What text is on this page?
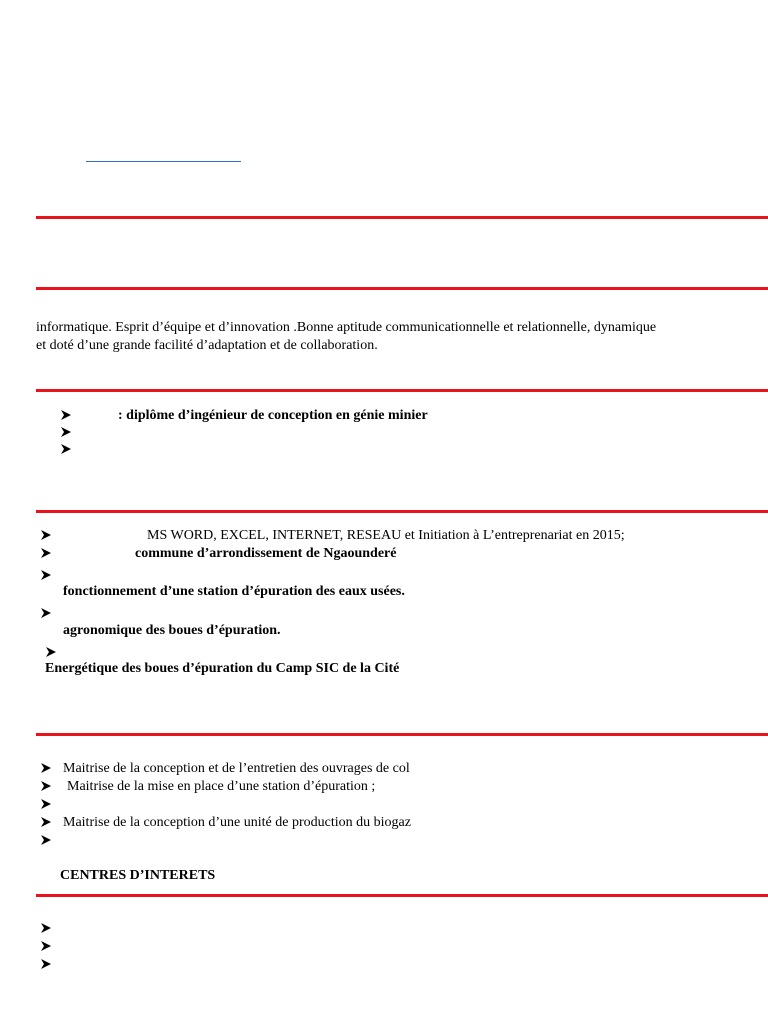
informatique. Esprit d’équipe et d’innovation .Bonne aptitude communicationnelle et relationnelle, dynamique
et doté d’une grande facilité d’adaptation et de collaboration.
: diplôme d’ingénieur de conception en génie minier
MS WORD, EXCEL, INTERNET, RESEAU et Initiation à L’entreprenariat en 2015;
commune d’arrondissement de Ngaounderé
fonctionnement d’une station d’épuration des eaux usées.
agronomique des boues d’épuration.
Energétique des boues d’épuration du Camp SIC de la Cité
Maitrise de la conception et de l’entretien des ouvrages de col
Maitrise de la mise en place d’une station d’épuration ;
Maitrise de la conception d’une unité de production du biogaz
CENTRES D’INTERETS
